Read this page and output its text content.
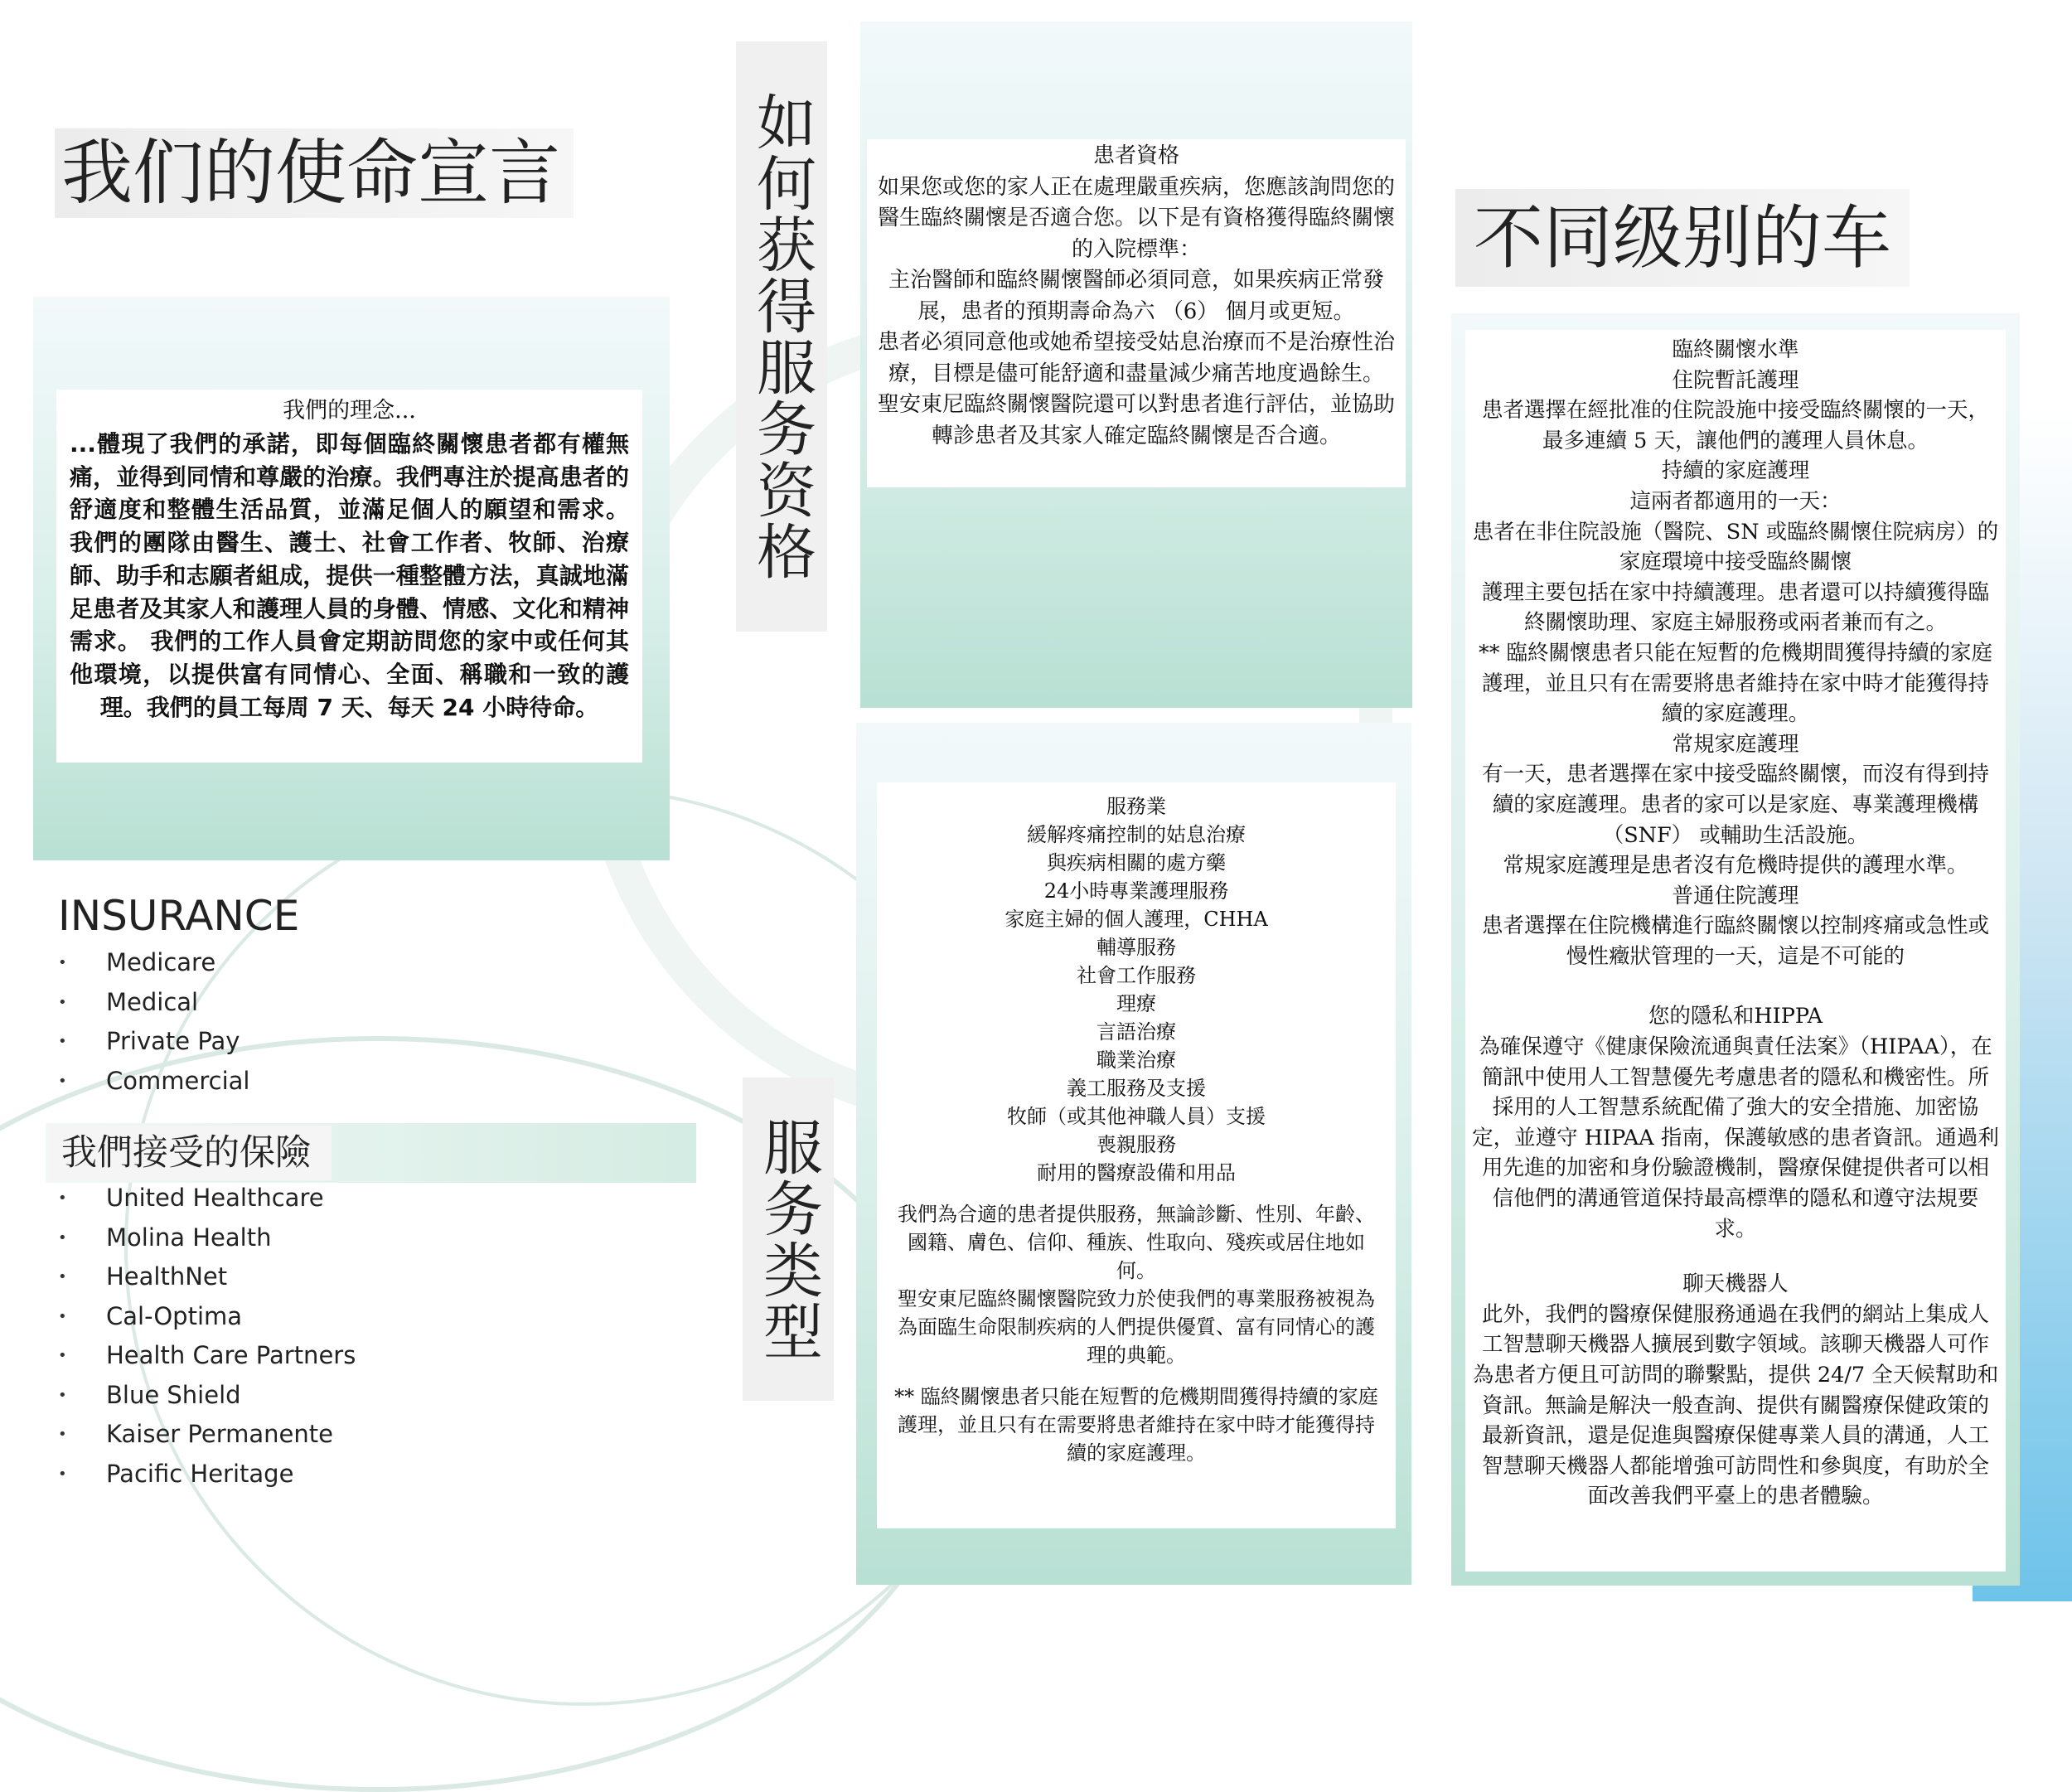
我们的使命宣言

我們的理念...

...體現了我們的承諾，即每個臨終關懷患者都有權無痛，並得到同情和尊嚴的治療。我們專注於提高患者的舒適度和整體生活品質，並滿足個人的願望和需求。 我們的團隊由醫生、護士、社會工作者、牧師、治療師、助手和志願者組成，提供一種整體方法，真誠地滿足患者及其家人和護理人員的身體、情感、文化和精神需求。 我們的工作人員會定期訪問您的家中或任何其他環境，以提供富有同情心、全面、稱職和一致的護理。我們的員工每周 7 天、每天 24 小時待命。

INSURANCE
• Medicare
• Medical
• Private Pay
• Commercial
我們接受的保險
• United Healthcare
• Molina Health
• HealthNet
• Cal-Optima
• Health Care Partners
• Blue Shield
• Kaiser Permanente
• Pacific Heritage
如何获得服务资格	患者資格

如果您或您的家人正在處理嚴重疾病，您應該詢問您的醫生臨終關懷是否適合您。以下是有資格獲得臨終關懷的入院標準：

主治醫師和臨終關懷醫師必須同意，如果疾病正常發展，患者的預期壽命為六 （6） 個月或更短。

患者必須同意他或她希望接受姑息治療而不是治療性治療，目標是儘可能舒適和盡量減少痛苦地度過餘生。

聖安東尼臨終關懷醫院還可以對患者進行評估，並協助轉診患者及其家人確定臨終關懷是否合適。

服务类型

服務業

緩解疼痛控制的姑息治療

與疾病相關的處方藥

24小時專業護理服務

家庭主婦的個人護理，CHHA

輔導服務

社會工作服務

理療

言語治療

職業治療

義工服務及支援

牧師（或其他神職人員）支援

喪親服務

耐用的醫療設備和用品

我們為合適的患者提供服務，無論診斷、性別、年齡、國籍、膚色、信仰、種族、性取向、殘疾或居住地如何。

聖安東尼臨終關懷醫院致力於使我們的專業服務被視為為面臨生命限制疾病的人們提供優質、富有同情心的護理的典範。

** 臨終關懷患者只能在短暫的危機期間獲得持續的家庭護理，並且只有在需要將患者維持在家中時才能獲得持續的家庭護理。

不同级别的车

臨終關懷水準

住院暫託護理

患者選擇在經批准的住院設施中接受臨終關懷的一天，最多連續 5 天，讓他們的護理人員休息。

持續的家庭護理

這兩者都適用的一天：

患者在非住院設施（醫院、SN 或臨終關懷住院病房）的家庭環境中接受臨終關懷

護理主要包括在家中持續護理。患者還可以持續獲得臨終關懷助理、家庭主婦服務或兩者兼而有之。

** 臨終關懷患者只能在短暫的危機期間獲得持續的家庭護理，並且只有在需要將患者維持在家中時才能獲得持續的家庭護理。

常規家庭護理

有一天，患者選擇在家中接受臨終關懷，而沒有得到持續的家庭護理。患者的家可以是家庭、專業護理機構 （SNF） 或輔助生活設施。

常規家庭護理是患者沒有危機時提供的護理水準。

普通住院護理

患者選擇在住院機構進行臨終關懷以控制疼痛或急性或慢性癥狀管理的一天，這是不可能的

您的隱私和HIPPA

為確保遵守《健康保險流通與責任法案》（HIPAA），在簡訊中使用人工智慧優先考慮患者的隱私和機密性。所採用的人工智慧系統配備了強大的安全措施、加密協定，並遵守 HIPAA 指南，保護敏感的患者資訊。通過利用先進的加密和身份驗證機制，醫療保健提供者可以相信他們的溝通管道保持最高標準的隱私和遵守法規要求。

聊天機器人

此外，我們的醫療保健服務通過在我們的網站上集成人工智慧聊天機器人擴展到數字領域。該聊天機器人可作為患者方便且可訪問的聯繫點，提供 24/7 全天候幫助和資訊。無論是解決一般查詢、提供有關醫療保健政策的最新資訊，還是促進與醫療保健專業人員的溝通，人工智慧聊天機器人都能增強可訪問性和參與度，有助於全面改善我們平臺上的患者體驗。
